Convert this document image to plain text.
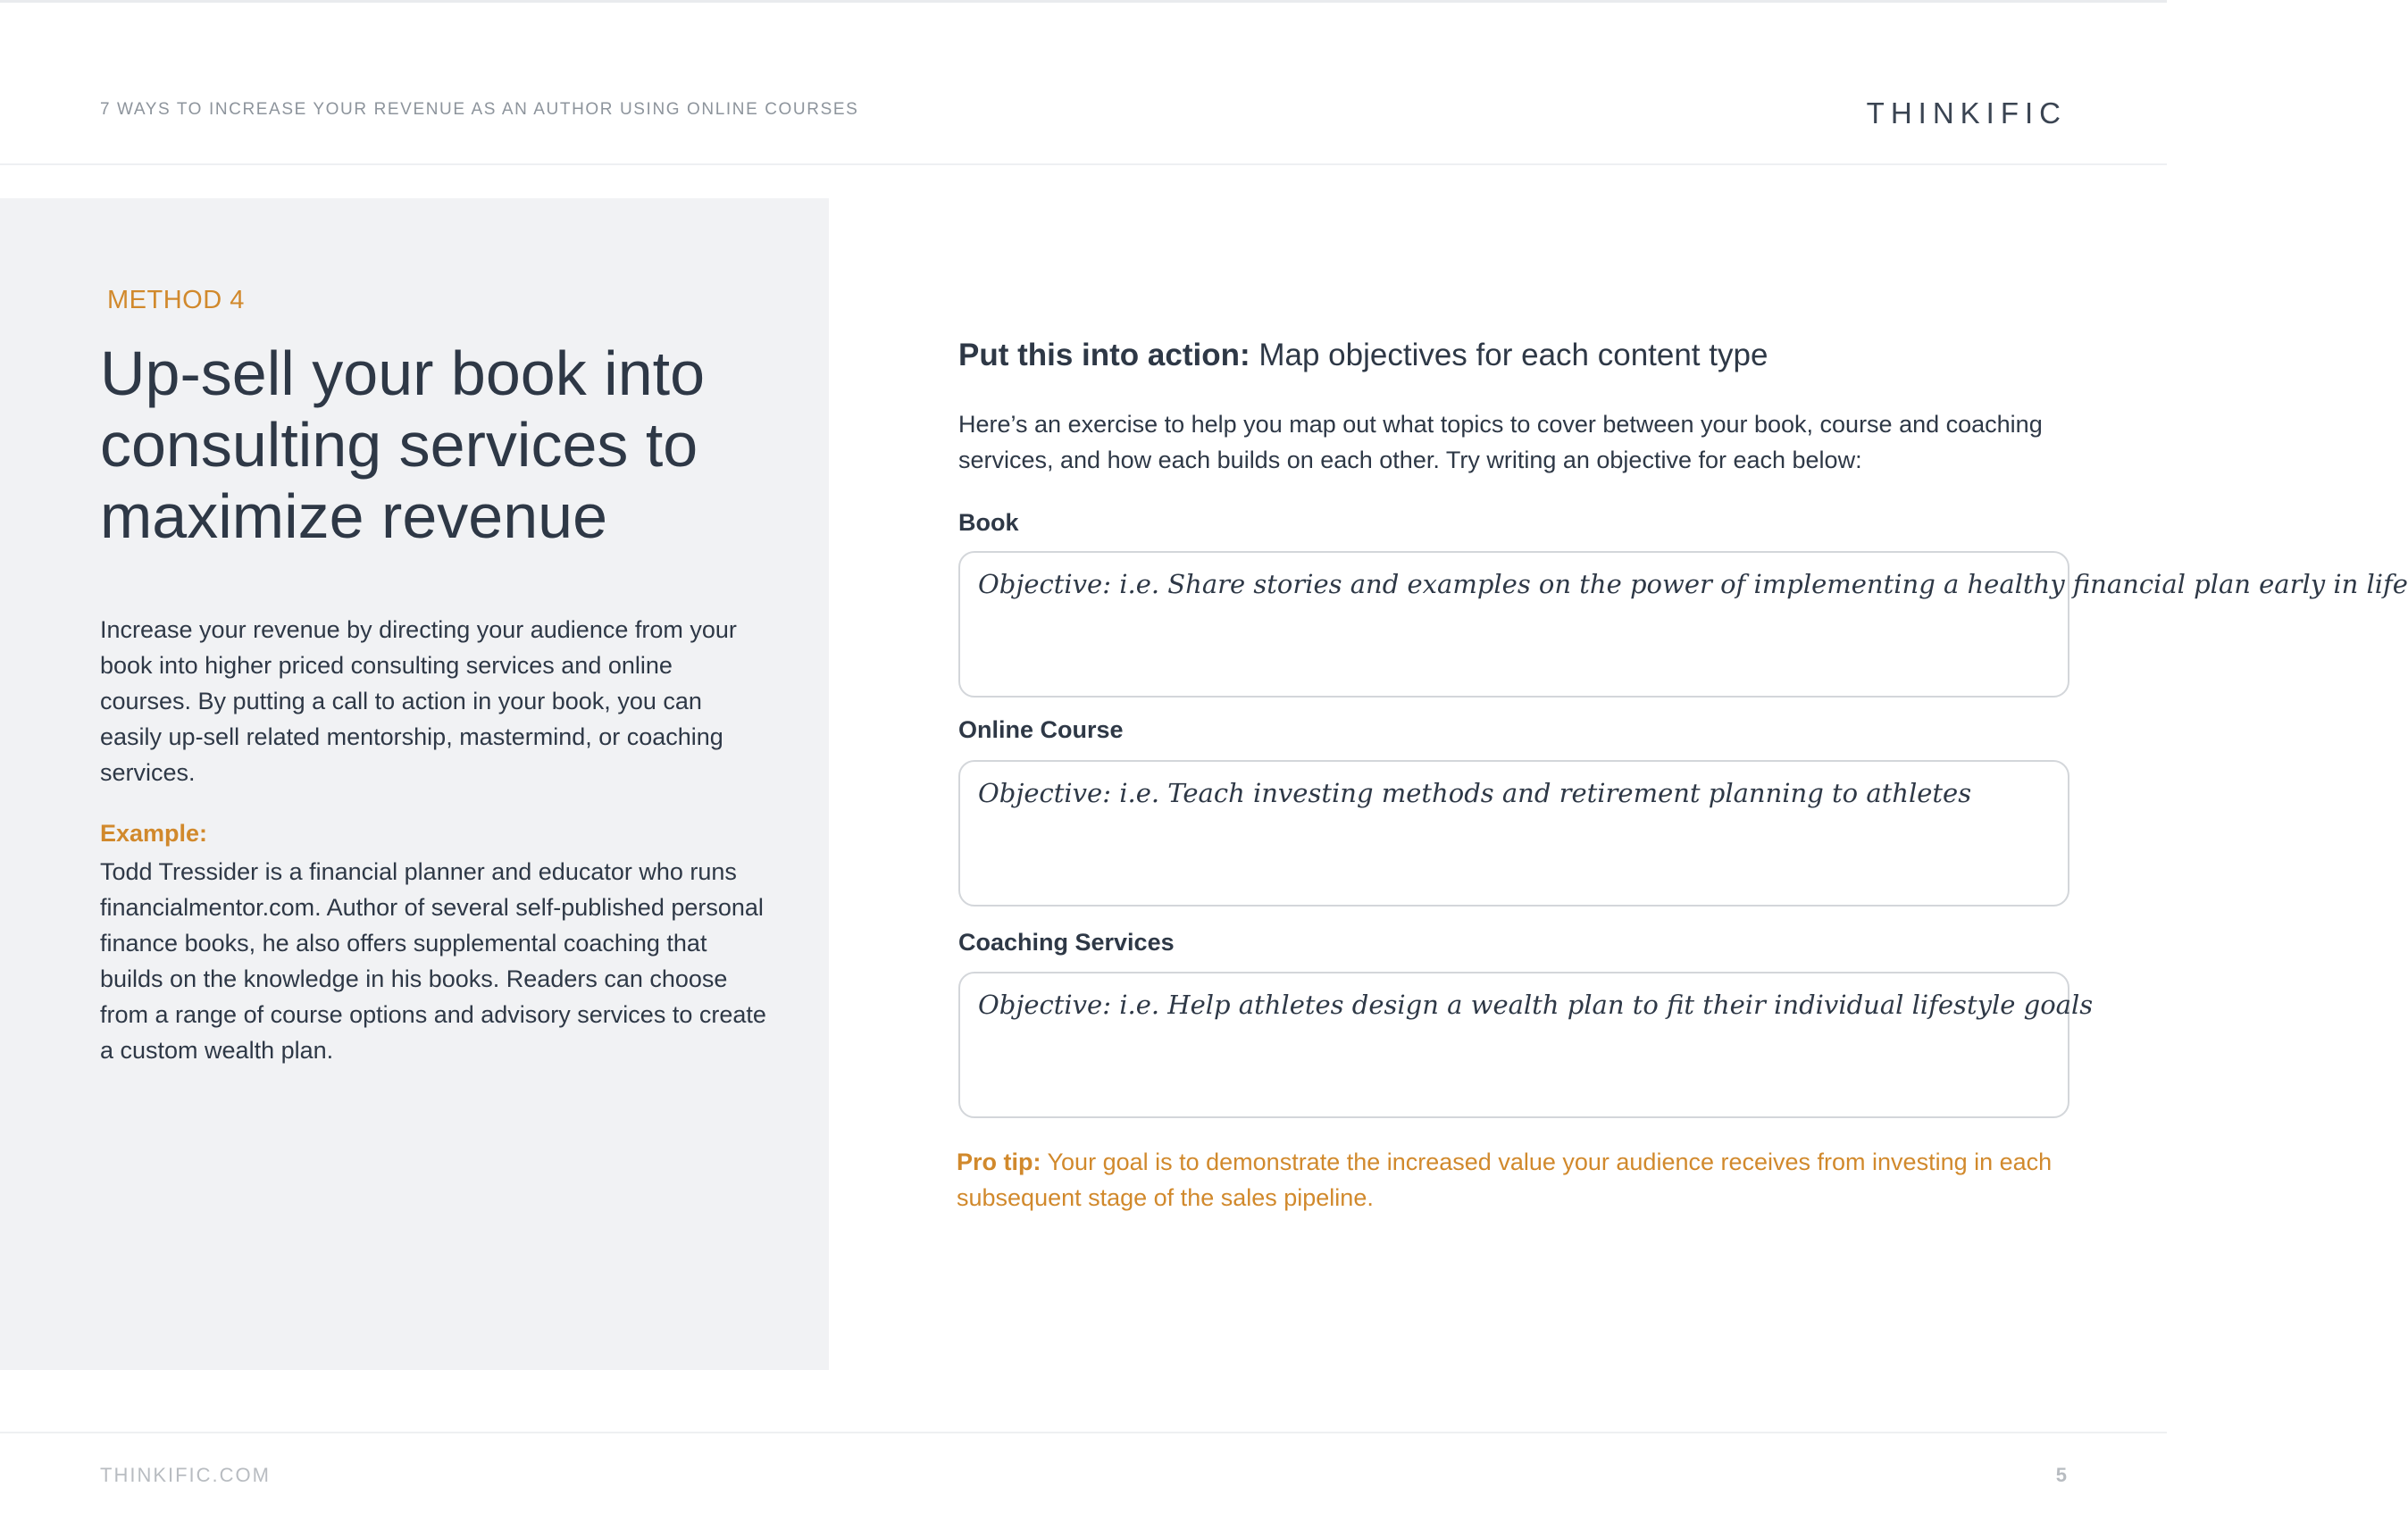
7 WAYS TO INCREASE YOUR REVENUE AS AN AUTHOR USING ONLINE COURSES	THINKIFIC
METHOD 4
Up-sell your book into consulting services to maximize revenue

Increase your revenue by directing your audience from your book into higher priced consulting services and online courses. By putting a call to action in your book, you can easily up-sell related mentorship, mastermind, or coaching services.

Example:

Todd Tressider is a financial planner and educator who runs financialmentor.com. Author of several self-published personal finance books, he also offers supplemental coaching that builds on the knowledge in his books. Readers can choose from a range of course options and advisory services to create a custom wealth plan.

Put this into action: Map objectives for each content type

Here’s an exercise to help you map out what topics to cover between your book, course and coaching services, and how each builds on each other. Try writing an objective for each below:

Book
Objective: i.e. Share stories and examples on the power of implementing a healthy financial plan early in life
Online Course
Objective: i.e. Teach investing methods and retirement planning to athletes
Coaching Services
Objective: i.e. Help athletes design a wealth plan to fit their individual lifestyle goals

Pro tip: Your goal is to demonstrate the increased value your audience receives from investing in each subsequent stage of the sales pipeline.

THINKIFIC.COM	5
